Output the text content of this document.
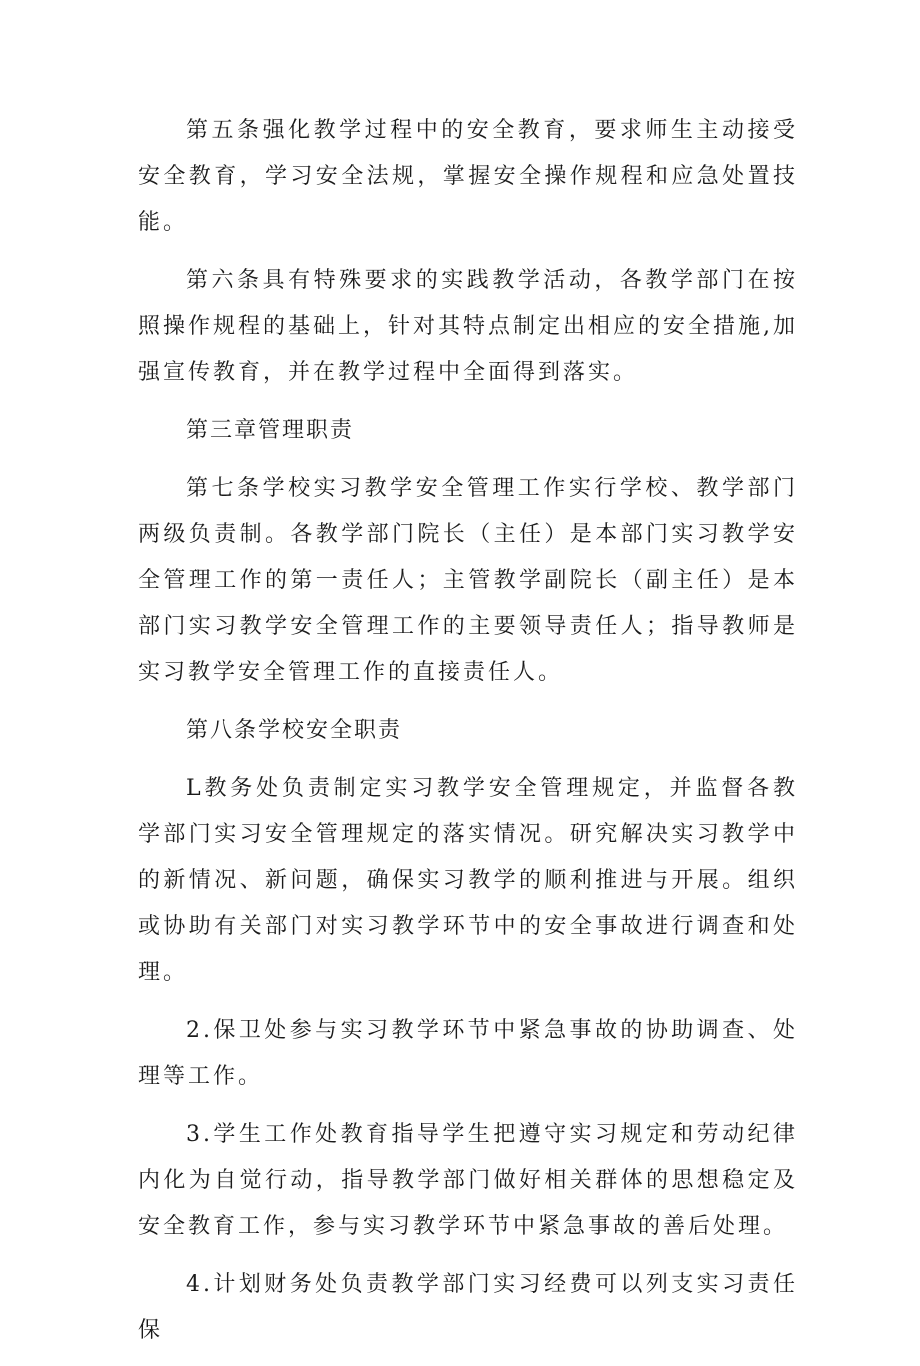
第五条强化教学过程中的安全教育，要求师生主动接受安全教育，学习安全法规，掌握安全操作规程和应急处置技能。

第六条具有特殊要求的实践教学活动，各教学部门在按照操作规程的基础上，针对其特点制定出相应的安全措施,加强宣传教育，并在教学过程中全面得到落实。

第三章管理职责

第七条学校实习教学安全管理工作实行学校、教学部门两级负责制。各教学部门院长（主任）是本部门实习教学安全管理工作的第一责任人；主管教学副院长（副主任）是本部门实习教学安全管理工作的主要领导责任人；指导教师是实习教学安全管理工作的直接责任人。

第八条学校安全职责

L教务处负责制定实习教学安全管理规定，并监督各教学部门实习安全管理规定的落实情况。研究解决实习教学中的新情况、新问题，确保实习教学的顺利推进与开展。组织或协助有关部门对实习教学环节中的安全事故进行调查和处理。

2.保卫处参与实习教学环节中紧急事故的协助调查、处理等工作。

3.学生工作处教育指导学生把遵守实习规定和劳动纪律内化为自觉行动，指导教学部门做好相关群体的思想稳定及安全教育工作，参与实习教学环节中紧急事故的善后处理。

4.计划财务处负责教学部门实习经费可以列支实习责任保
